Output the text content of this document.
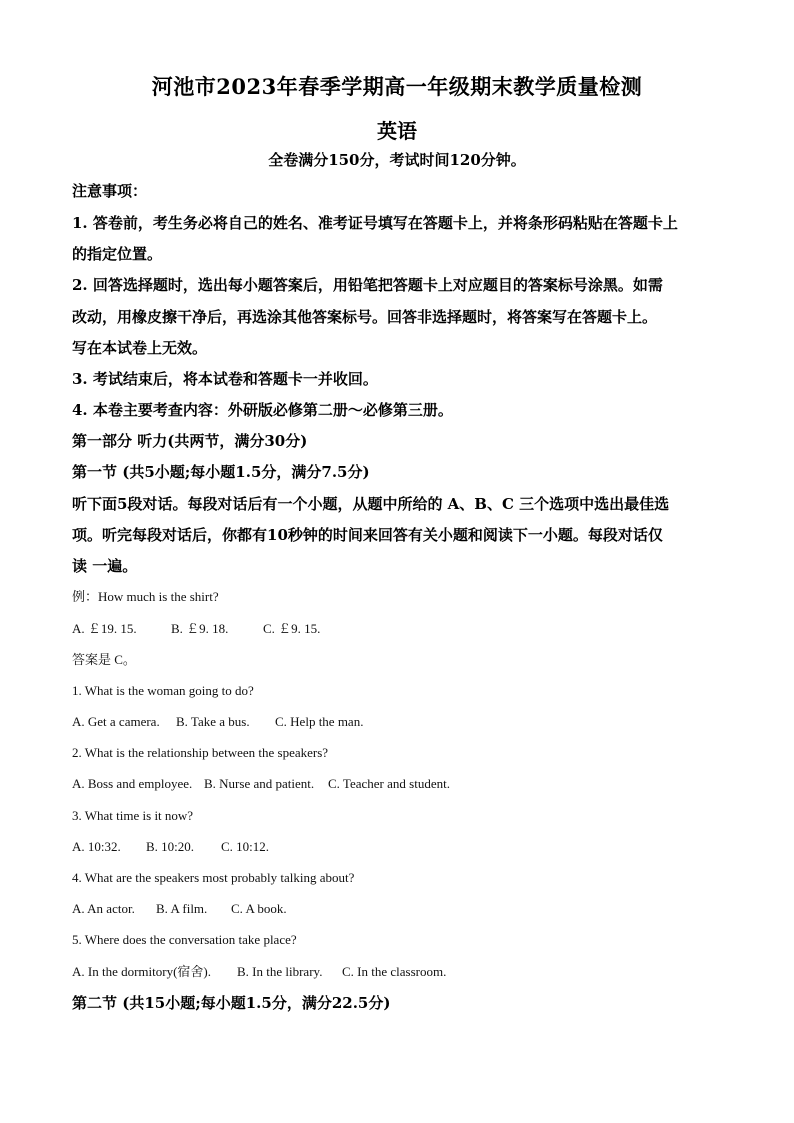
河池市2023年春季学期高一年级期末教学质量检测
英语
全卷满分150分，考试时间120分钟。
注意事项：
1. 答卷前，考生务必将自己的姓名、准考证号填写在答题卡上，并将条形码粘贴在答题卡上
的指定位置。
2. 回答选择题时，选出每小题答案后，用铅笔把答题卡上对应题目的答案标号涂黑。如需
改动，用橡皮擦干净后，再选涂其他答案标号。回答非选择题时，将答案写在答题卡上。
写在本试卷上无效。
3. 考试结束后，将本试卷和答题卡一并收回。
4. 本卷主要考查内容：外研版必修第二册～必修第三册。
第一部分 听力(共两节，满分30分)
第一节 (共5小题;每小题1.5分，满分7.5分)
听下面5段对话。每段对话后有一个小题，从题中所给的 A、B、C 三个选项中选出最佳选
项。听完每段对话后，你都有10秒钟的时间来回答有关小题和阅读下一小题。每段对话仅
读 一遍。
例：How much is the shirt?
A. ￡19. 15.	B. ￡9. 18.	C. ￡9. 15.
答案是 C。
1. What is the woman going to do?
A. Get a camera. B. Take a bus. C. Help the man.
2. What is the relationship between the speakers?
A. Boss and employee. B. Nurse and patient. C. Teacher and student.
3. What time is it now?
A. 10:32. B. 10:20. C. 10:12.
4. What are the speakers most probably talking about?
A. An actor. B. A film. C. A book.
5. Where does the conversation take place?
A. In the dormitory(宿舍). B. In the library. C. In the classroom.
第二节 (共15小题;每小题1.5分，满分22.5分)
